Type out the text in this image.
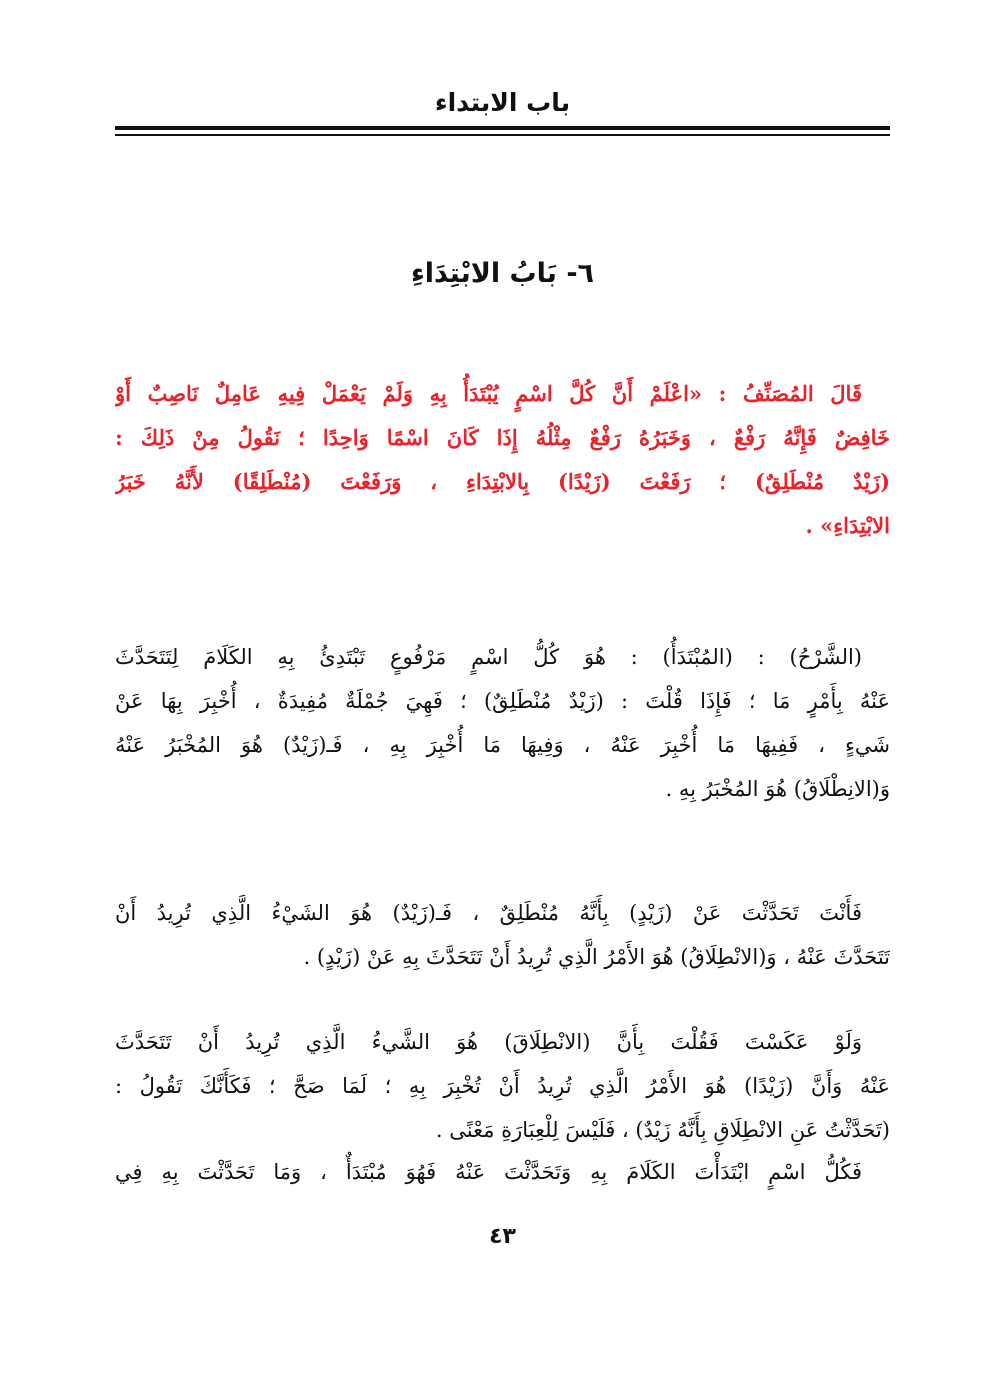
باب الابتداء
٦- بَابُ الابْتِدَاءِ
قَالَ المُصَنِّفُ : «اعْلَمْ أَنَّ كُلَّ اسْمٍ يُبْتَدَأُ بِهِ وَلَمْ يَعْمَلْ فِيهِ عَامِلٌ نَاصِبٌ أَوْ
خَافِضٌ فَإِنَّهُ رَفْعٌ ، وَخَبَرُهُ رَفْعٌ مِثْلُهُ إِذَا كَانَ اسْمًا وَاحِدًا ؛ نَقُولُ مِنْ ذَلِكَ :
(زَيْدٌ مُنْطَلِقٌ) ؛ رَفَعْتَ (زَيْدًا) بِالابْتِدَاءِ ، وَرَفَعْتَ (مُنْطَلِقًا) لأَنَّهُ خَبَرُ
الابْتِدَاءِ» .
(الشَّرْحُ) : (المُبْتَدَأُ) : هُوَ كُلُّ اسْمٍ مَرْفُوعٍ تَبْتَدِئُ بِهِ الكَلَامَ لِتَتَحَدَّثَ
عَنْهُ بِأَمْرٍ مَا ؛ فَإِذَا قُلْتَ : (زَيْدٌ مُنْطَلِقٌ) ؛ فَهِيَ جُمْلَةٌ مُفِيدَةٌ ، أُخْبِرَ بِهَا عَنْ
شَيءٍ ، فَفِيهَا مَا أُخْبِرَ عَنْهُ ، وَفِيهَا مَا أُخْبِرَ بِهِ ، فَـ(زَيْدٌ) هُوَ المُخْبَرُ عَنْهُ
وَ(الانِطْلَاقُ) هُوَ المُخْبَرُ بِهِ .
فَأَنْتَ تَحَدَّثْتَ عَنْ (زَيْدٍ) بِأَنَّهُ مُنْطَلِقٌ ، فَـ(زَيْدٌ) هُوَ الشَيْءُ الَّذِي تُرِيدُ أَنْ
تَتَحَدَّثَ عَنْهُ ، وَ(الانْطِلَاقُ) هُوَ الأَمْرُ الَّذِي تُرِيدُ أَنْ تَتَحَدَّثَ بِهِ عَنْ (زَيْدٍ) .
وَلَوْ عَكَسْتَ فَقُلْتَ بِأَنَّ (الانْطِلَاقَ) هُوَ الشَّيءُ الَّذِي تُرِيدُ أَنْ تَتَحَدَّثَ
عَنْهُ وَأَنَّ (زَيْدًا) هُوَ الأَمْرُ الَّذِي تُرِيدُ أَنْ تُخْبِرَ بِهِ ؛ لَمَا صَحَّ ؛ فَكَأَنَّكَ تَقُولُ :
(تَحَدَّثْتُ عَنِ الانْطِلَاقِ بِأَنَّهُ زَيْدٌ) ، فَلَيْسَ لِلْعِبَارَةِ مَعْنًى .
فَكُلُّ اسْمٍ ابْتَدَأْتَ الكَلَامَ بِهِ وَتَحَدَّثْتَ عَنْهُ فَهُوَ مُبْتَدَأٌ ، وَمَا تَحَدَّثْتَ بِهِ فِي
٤٣
